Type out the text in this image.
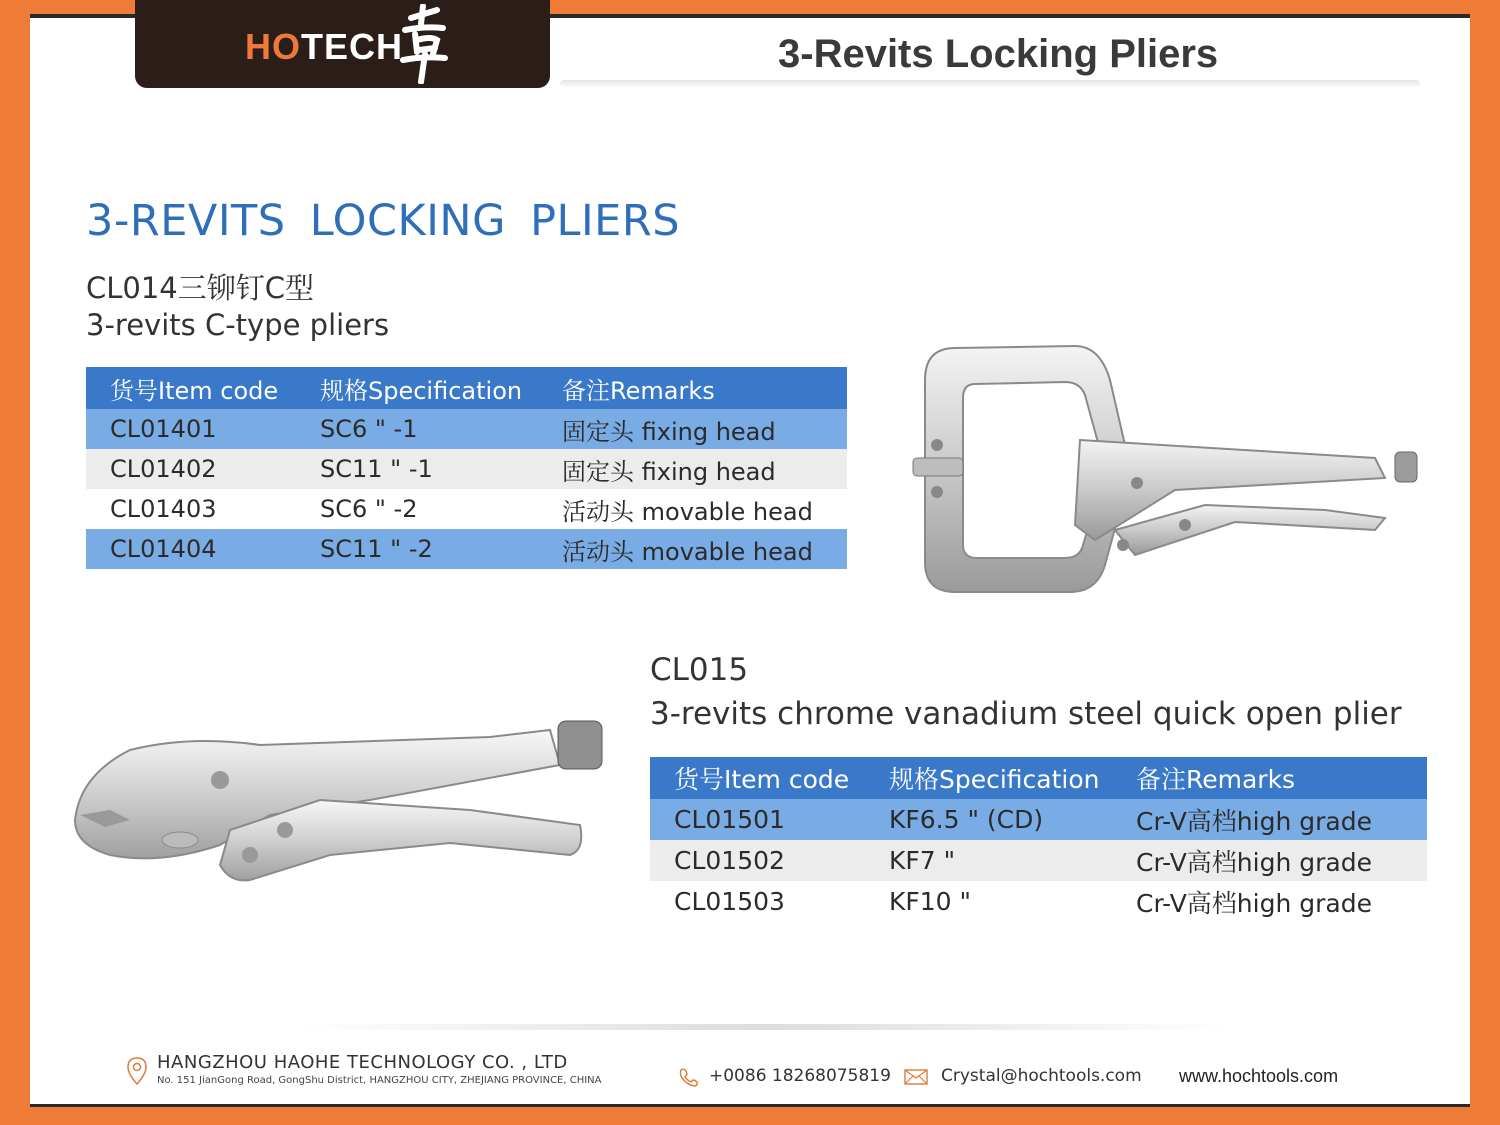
HOTECH	3-Revits Locking Pliers
3-REVITS LOCKING PLIERS
CL014三铆钉C型
3-revits C-type pliers
货号Item code	规格Specification	备注Remarks
CL01401	SC6 " -1	固定头 fixing head
CL01402	SC11 " -1	固定头 fixing head
CL01403	SC6 " -2	活动头 movable head
CL01404	SC11 " -2	活动头 movable head
CL015
3-revits chrome vanadium steel quick open plier
货号Item code	规格Specification	备注Remarks
CL01501	KF6.5 " (CD)	Cr-V高档high grade
CL01502	KF7 "	Cr-V高档high grade
CL01503	KF10 "	Cr-V高档high grade
HANGZHOU HAOHE TECHNOLOGY CO. , LTD
No. 151 JianGong Road, GongShu District, HANGZHOU CITY, ZHEJIANG PROVINCE, CHINA	+0086 18268075819	Crystal@hochtools.com www.hochtools.com
